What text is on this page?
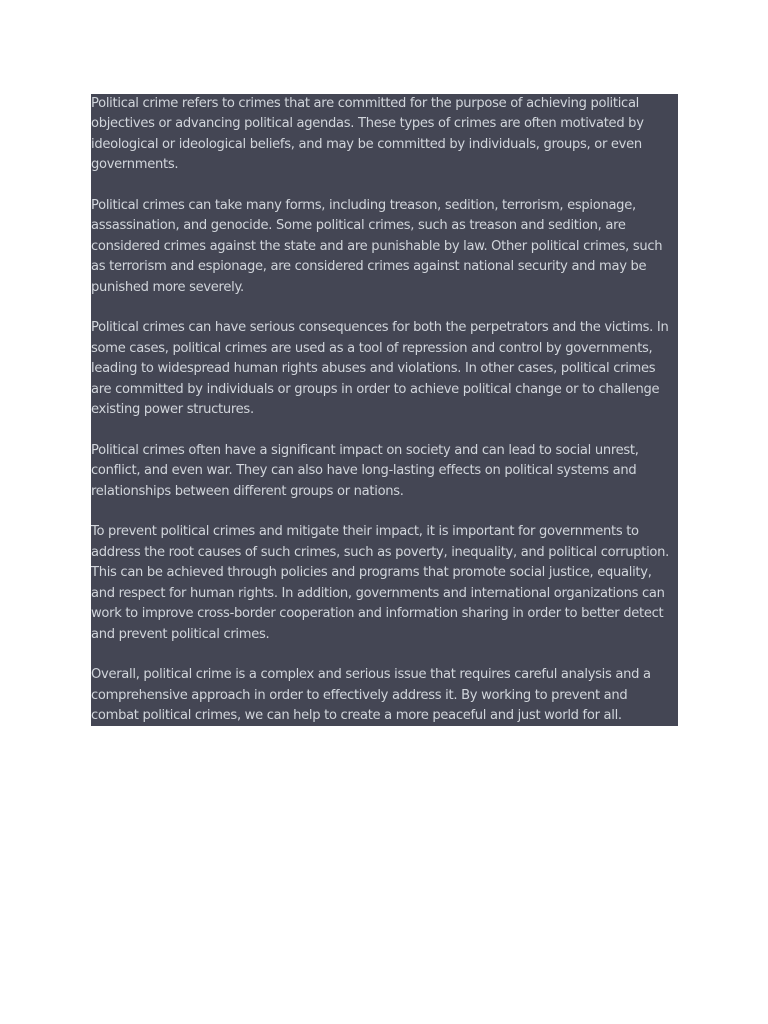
Political crime refers to crimes that are committed for the purpose of achieving political objectives or advancing political agendas. These types of crimes are often motivated by ideological or ideological beliefs, and may be committed by individuals, groups, or even governments.

Political crimes can take many forms, including treason, sedition, terrorism, espionage, assassination, and genocide. Some political crimes, such as treason and sedition, are considered crimes against the state and are punishable by law. Other political crimes, such as terrorism and espionage, are considered crimes against national security and may be punished more severely.

Political crimes can have serious consequences for both the perpetrators and the victims. In some cases, political crimes are used as a tool of repression and control by governments, leading to widespread human rights abuses and violations. In other cases, political crimes are committed by individuals or groups in order to achieve political change or to challenge existing power structures.

Political crimes often have a significant impact on society and can lead to social unrest, conflict, and even war. They can also have long-lasting effects on political systems and relationships between different groups or nations.

To prevent political crimes and mitigate their impact, it is important for governments to address the root causes of such crimes, such as poverty, inequality, and political corruption. This can be achieved through policies and programs that promote social justice, equality, and respect for human rights. In addition, governments and international organizations can work to improve cross-border cooperation and information sharing in order to better detect and prevent political crimes.

Overall, political crime is a complex and serious issue that requires careful analysis and a comprehensive approach in order to effectively address it. By working to prevent and combat political crimes, we can help to create a more peaceful and just world for all.
